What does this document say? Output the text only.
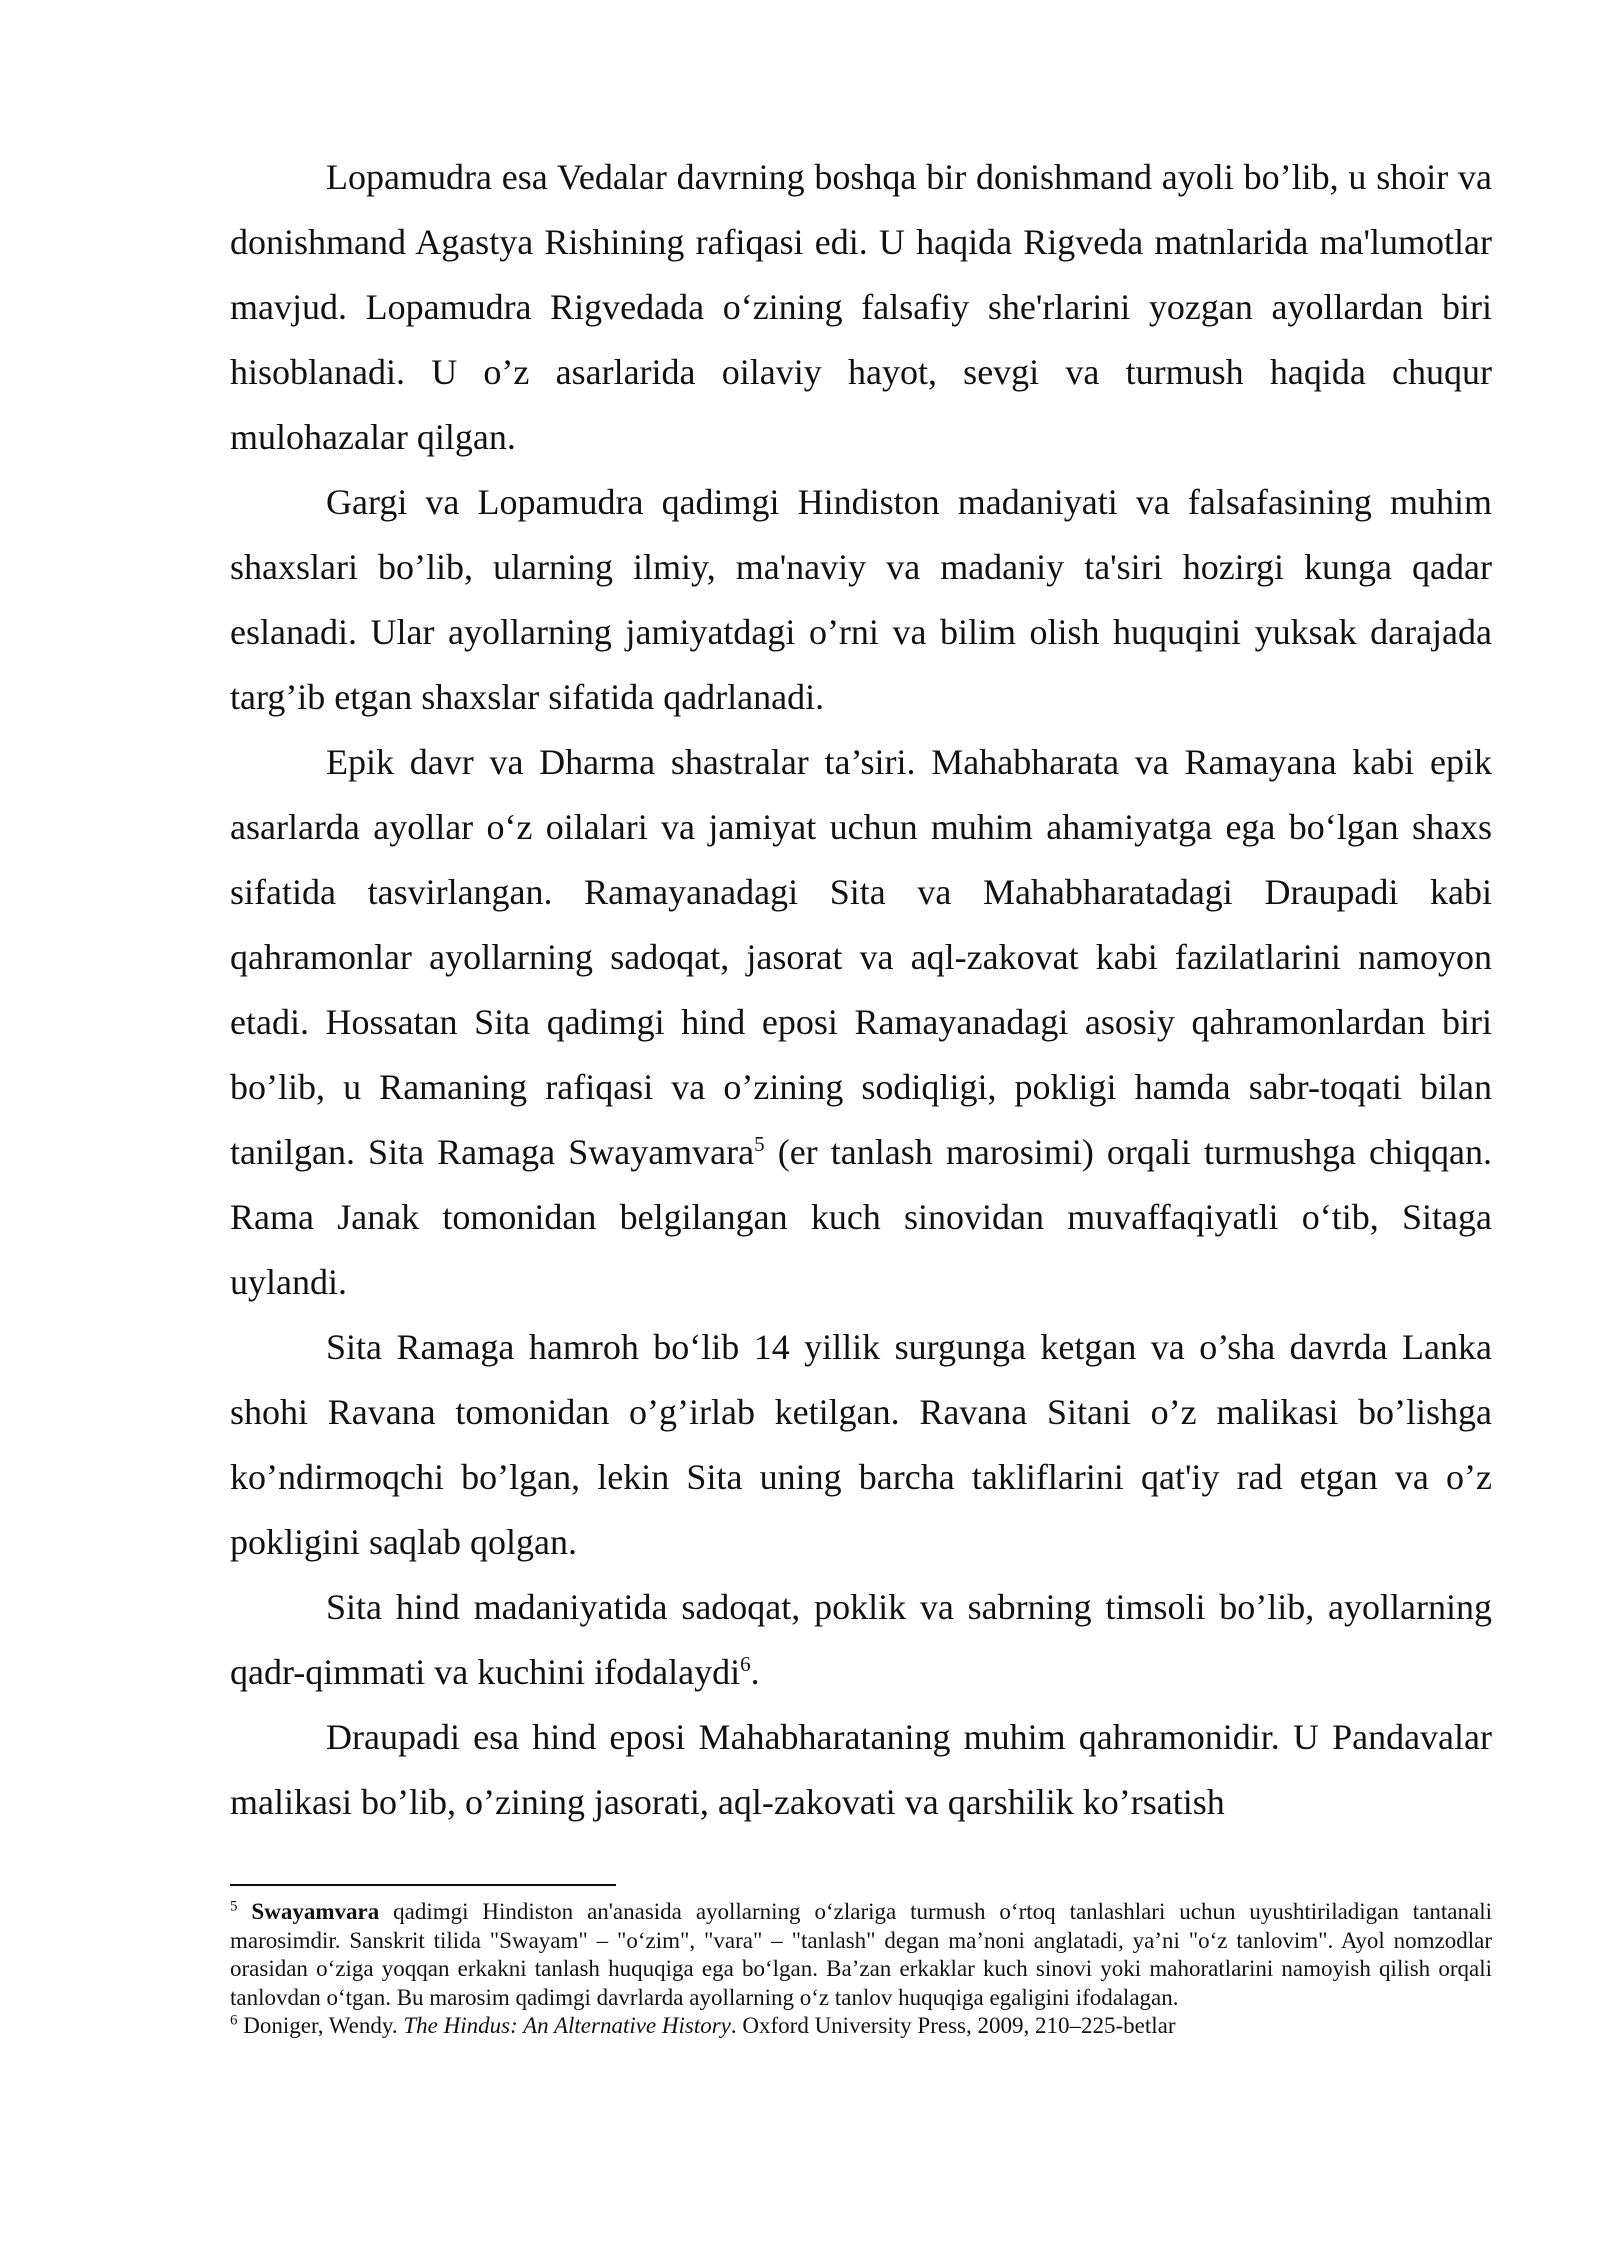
Lopamudra esa Vedalar davrning boshqa bir donishmand ayoli bo’lib, u shoir va donishmand Agastya Rishining rafiqasi edi. U haqida Rigveda matnlarida ma'lumotlar mavjud. Lopamudra Rigvedada o‘zining falsafiy she'rlarini yozgan ayollardan biri hisoblanadi. U o’z asarlarida oilaviy hayot, sevgi va turmush haqida chuqur mulohazalar qilgan.

Gargi va Lopamudra qadimgi Hindiston madaniyati va falsafasining muhim shaxslari bo’lib, ularning ilmiy, ma'naviy va madaniy ta'siri hozirgi kunga qadar eslanadi. Ular ayollarning jamiyatdagi o’rni va bilim olish huquqini yuksak darajada targ’ib etgan shaxslar sifatida qadrlanadi.

Epik davr va Dharma shastralar ta’siri. Mahabharata va Ramayana kabi epik asarlarda ayollar o‘z oilalari va jamiyat uchun muhim ahamiyatga ega bo‘lgan shaxs sifatida tasvirlangan. Ramayanadagi Sita va Mahabharatadagi Draupadi kabi qahramonlar ayollarning sadoqat, jasorat va aql-zakovat kabi fazilatlarini namoyon etadi. Hossatan Sita qadimgi hind eposi Ramayanadagi asosiy qahramonlardan biri bo’lib, u Ramaning rafiqasi va o’zining sodiqligi, pokligi hamda sabr-toqati bilan tanilgan. Sita Ramaga Swayamvara$^5$ (er tanlash marosimi) orqali turmushga chiqqan. Rama Janak tomonidan belgilangan kuch sinovidan muvaffaqiyatli o‘tib, Sitaga uylandi.

Sita Ramaga hamroh bo‘lib 14 yillik surgunga ketgan va o’sha davrda Lanka shohi Ravana tomonidan o’g’irlab ketilgan. Ravana Sitani o’z malikasi bo’lishga ko’ndirmoqchi bo’lgan, lekin Sita uning barcha takliflarini qat'iy rad etgan va o’z pokligini saqlab qolgan.

Sita hind madaniyatida sadoqat, poklik va sabrning timsoli bo’lib, ayollarning qadr-qimmati va kuchini ifodalaydi$^6$.

Draupadi esa hind eposi Mahabharataning muhim qahramonidir. U Pandavalar malikasi bo’lib, o’zining jasorati, aql-zakovati va qarshilik ko’rsatish

$^5$ Swayamvara qadimgi Hindiston an'anasida ayollarning o‘zlariga turmush o‘rtoq tanlashlari uchun uyushtiriladigan tantanali marosimdir. Sanskrit tilida "Swayam" – "o‘zim", "vara" – "tanlash" degan ma’noni anglatadi, ya’ni "o‘z tanlovim". Ayol nomzodlar orasidan o‘ziga yoqqan erkakni tanlash huquqiga ega bo‘lgan. Ba’zan erkaklar kuch sinovi yoki mahoratlarini namoyish qilish orqali tanlovdan o‘tgan. Bu marosim qadimgi davrlarda ayollarning o‘z tanlov huquqiga egaligini ifodalagan.

$^6$ Doniger, Wendy. The Hindus: An Alternative History. Oxford University Press, 2009, 210–225-betlar
